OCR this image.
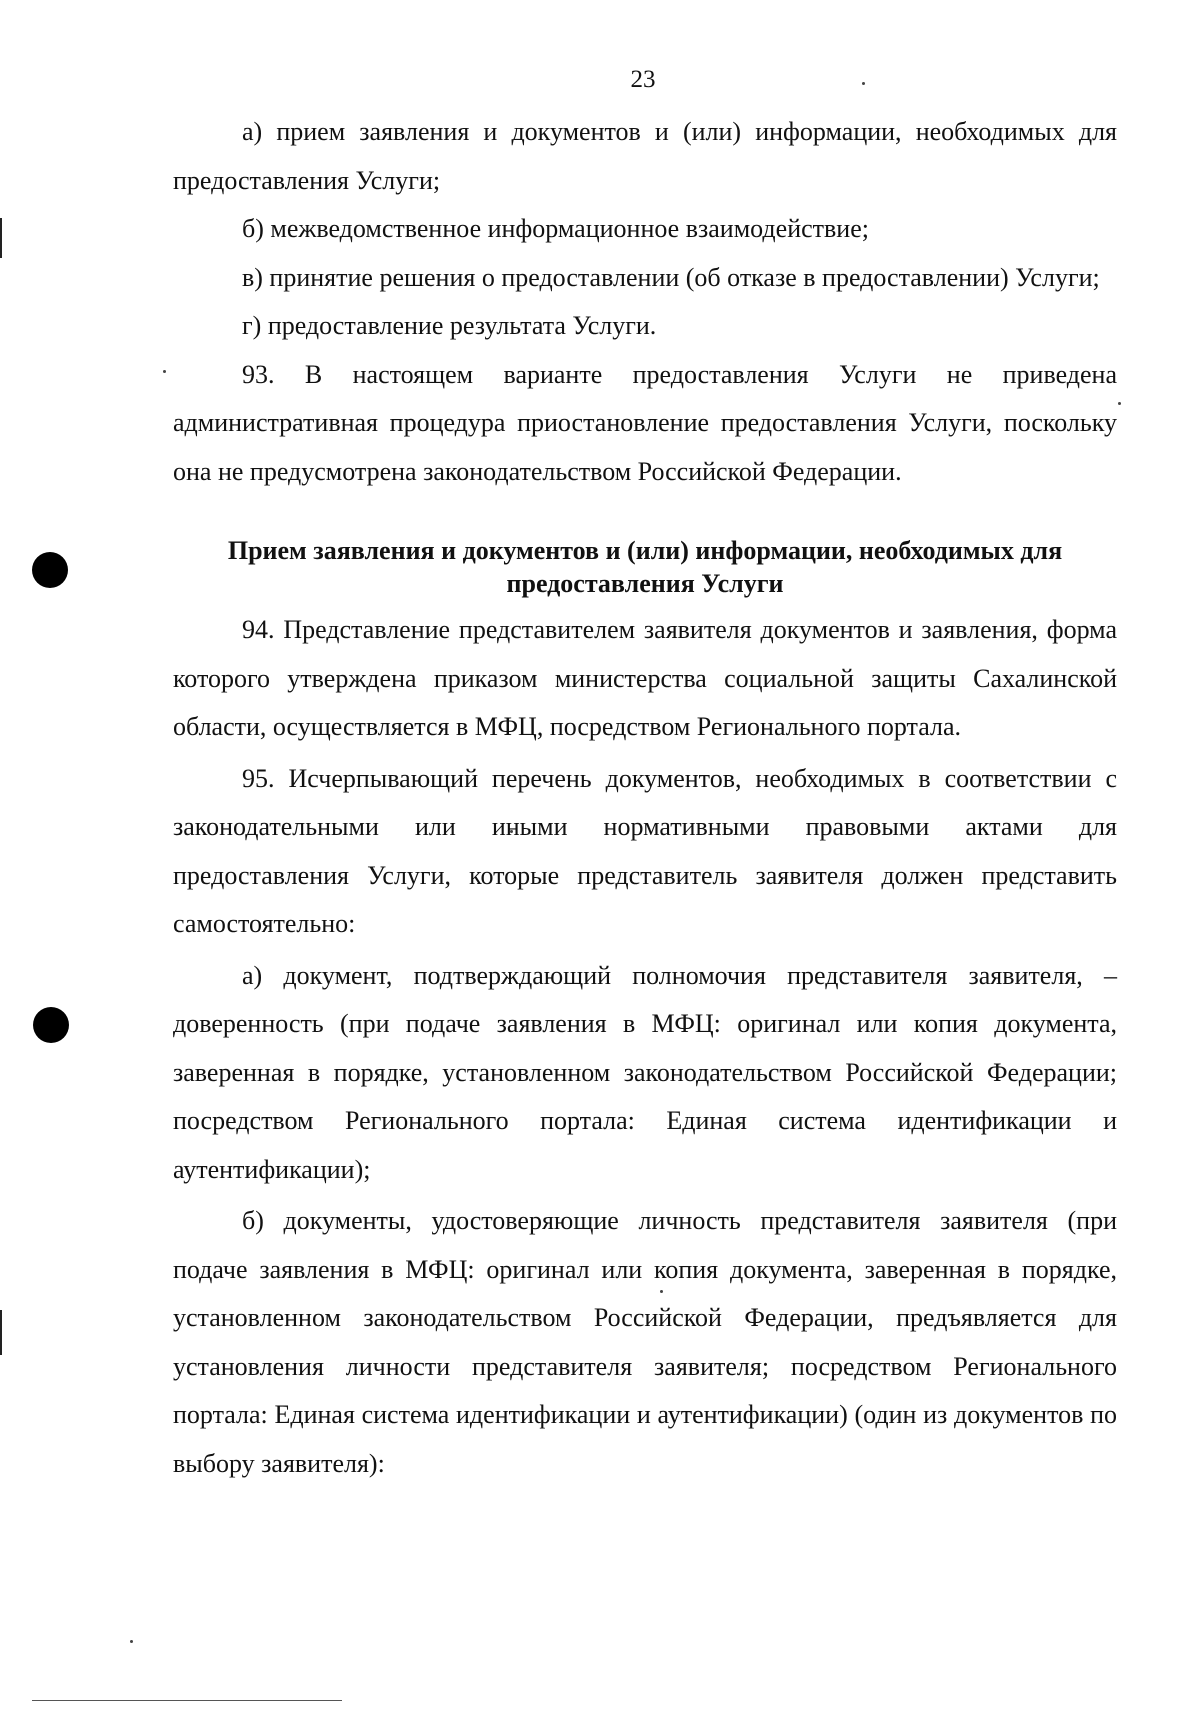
23

а) прием заявления и документов и (или) информации, необходимых для предоставления Услуги;

б) межведомственное информационное взаимодействие;

в) принятие решения о предоставлении (об отказе в предоставлении) Услуги;

г) предоставление результата Услуги.

93. В настоящем варианте предоставления Услуги не приведена административная процедура приостановление предоставления Услуги, поскольку она не предусмотрена законодательством Российской Федерации.

Прием заявления и документов и (или) информации, необходимых для предоставления Услуги

94. Представление представителем заявителя документов и заявления, форма которого утверждена приказом министерства социальной защиты Сахалинской области, осуществляется в МФЦ, посредством Регионального портала.

95. Исчерпывающий перечень документов, необходимых в соответствии с законодательными или иными нормативными правовыми актами для предоставления Услуги, которые представитель заявителя должен представить самостоятельно:

а) документ, подтверждающий полномочия представителя заявителя, – доверенность (при подаче заявления в МФЦ: оригинал или копия документа, заверенная в порядке, установленном законодательством Российской Федерации; посредством Регионального портала: Единая система идентификации и аутентификации);

б) документы, удостоверяющие личность представителя заявителя (при подаче заявления в МФЦ: оригинал или копия документа, заверенная в порядке, установленном законодательством Российской Федерации, предъявляется для установления личности представителя заявителя; посредством Регионального портала: Единая система идентификации и аутентификации) (один из документов по выбору заявителя):
